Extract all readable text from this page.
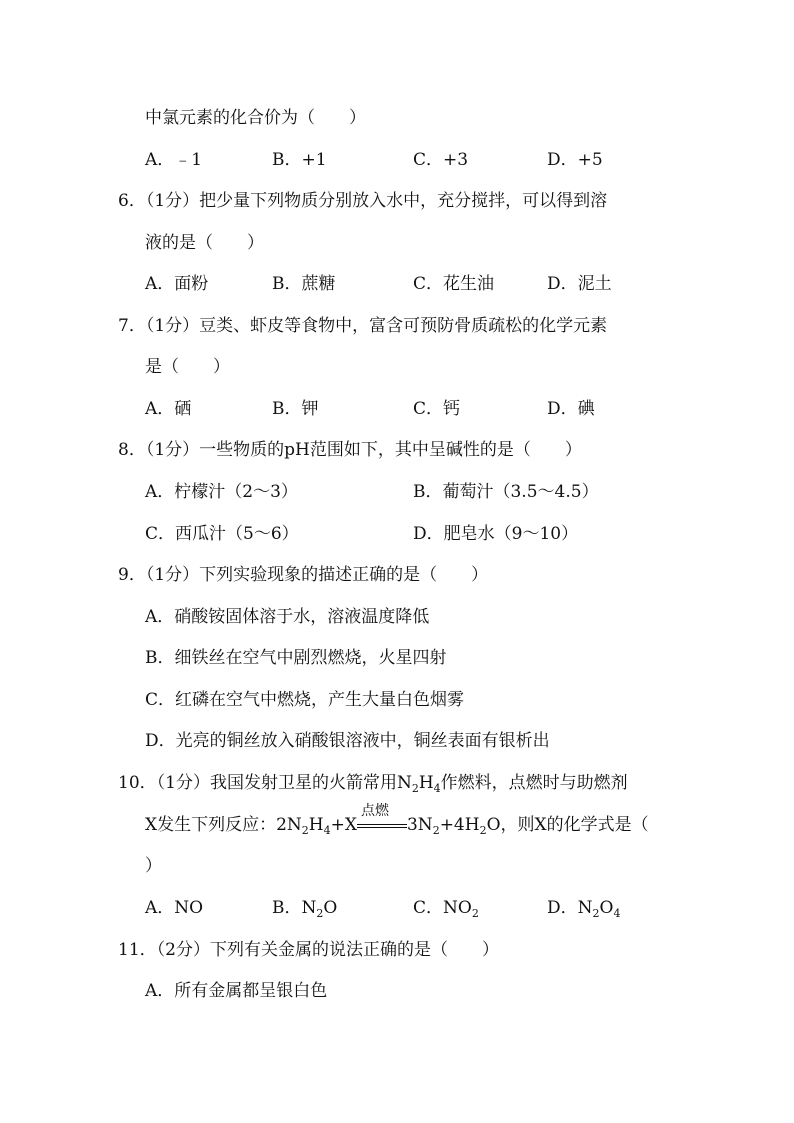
中氯元素的化合价为（　　）
A．﹣1	B．+1	C．+3	D．+5
6．（1分）把少量下列物质分别放入水中，充分搅拌，可以得到溶
液的是（　　）
A．面粉	B．蔗糖	C．花生油	D．泥土
7．（1分）豆类、虾皮等食物中，富含可预防骨质疏松的化学元素
是（　　）
A．硒	B．钾	C．钙	D．碘
8．（1分）一些物质的pH范围如下，其中呈碱性的是（　　）
A．柠檬汁（2～3）	B．葡萄汁（3.5～4.5）
C．西瓜汁（5～6）	D．肥皂水（9～10）
9．（1分）下列实验现象的描述正确的是（　　）
A．硝酸铵固体溶于水，溶液温度降低
B．细铁丝在空气中剧烈燃烧，火星四射
C．红磷在空气中燃烧，产生大量白色烟雾
D．光亮的铜丝放入硝酸银溶液中，铜丝表面有银析出
10．（1分）我国发射卫星的火箭常用$N_2H_4$作燃料，点燃时与助燃剂
X发生下列反应：$2N_2H_4+X$
点燃
$3N_2+4H_2O$，则X的化学式是（
）
A．NO	B．$N_2O$	C．$NO_2$	D．$N_2O_4$
11．（2分）下列有关金属的说法正确的是（　　）
A．所有金属都呈银白色
